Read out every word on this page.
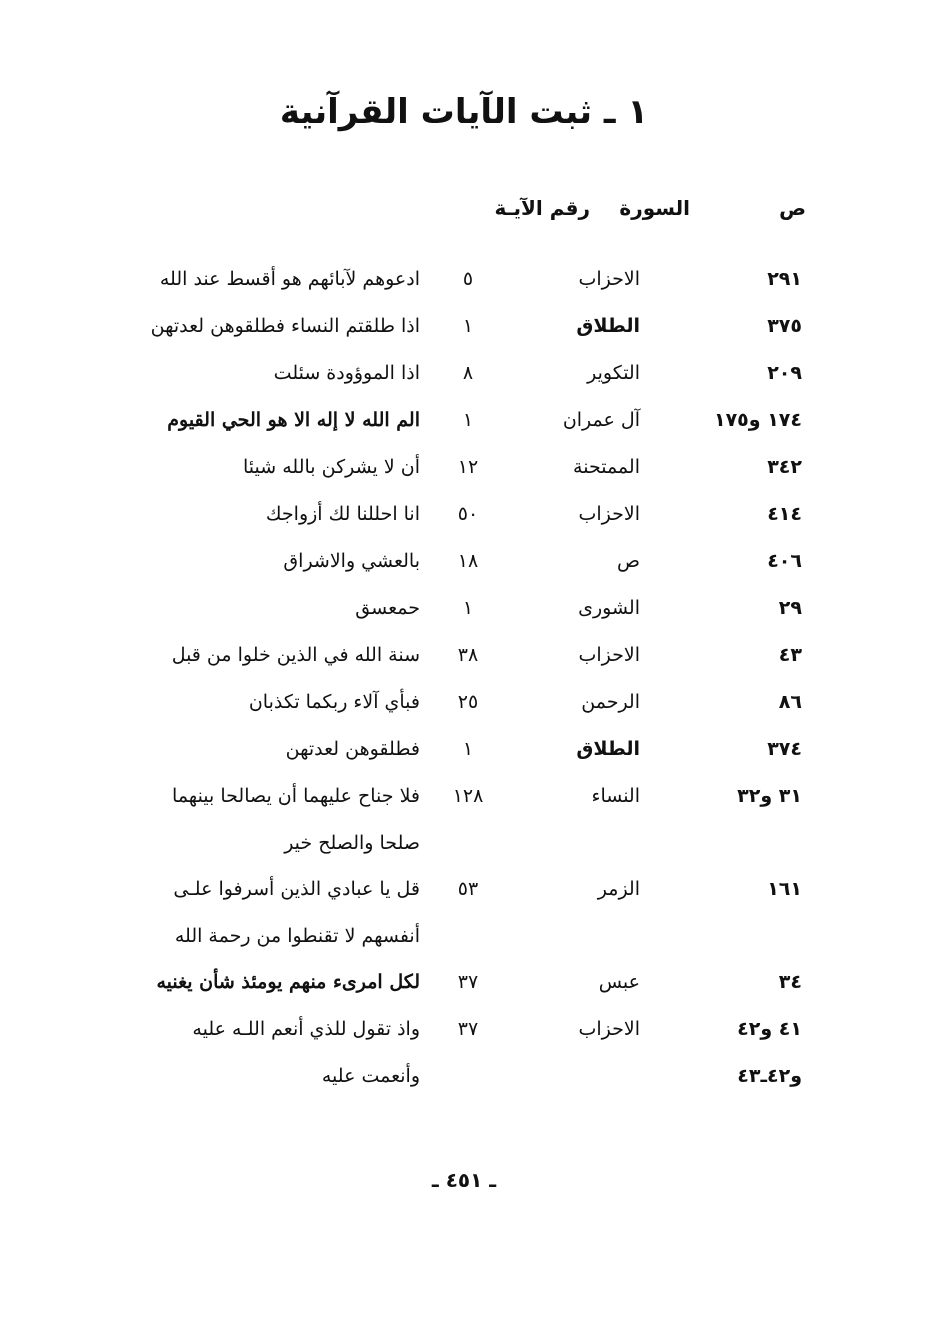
١ ـ ثبت الآيات القرآنية
ص
السورة
رقم الآيـة
٢٩١
الاحزاب
٥
ادعوهم لآبائهم هو أقسط عند الله
٣٧٥
الطلاق
١
اذا طلقتم النساء فطلقوهن لعدتهن
٢٠٩
التكوير
٨
اذا الموؤودة سئلت
١٧٤ و١٧٥
آل عمران
١
الم الله لا إله الا هو الحي القيوم
٣٤٢
الممتحنة
١٢
أن لا يشركن بالله شيئا
٤١٤
الاحزاب
٥٠
انا احللنا لك أزواجك
٤٠٦
ص
١٨
بالعشي والاشراق
٢٩
الشورى
١
حمعسق
٤٣
الاحزاب
٣٨
سنة الله في الذين خلوا من قبل
٨٦
الرحمن
٢٥
فبأي آلاء ربكما تكذبان
٣٧٤
الطلاق
١
فطلقوهن لعدتهن
٣١ و٣٢
النساء
١٢٨
فلا جناح عليهما أن يصالحا بينهما
صلحا والصلح خير
١٦١
الزمر
٥٣
قل يا عبادي الذين أسرفوا علـى
أنفسهم لا تقنطوا من رحمة الله
٣٤
عبس
٣٧
لكل امرىء منهم يومئذ شأن يغنيه
٤١ و٤٢
الاحزاب
٣٧
واذ تقول للذي أنعم اللـه عليه
وأنعمت عليه	و٤٢ـ٤٣
ـ ٤٥١ ـ
